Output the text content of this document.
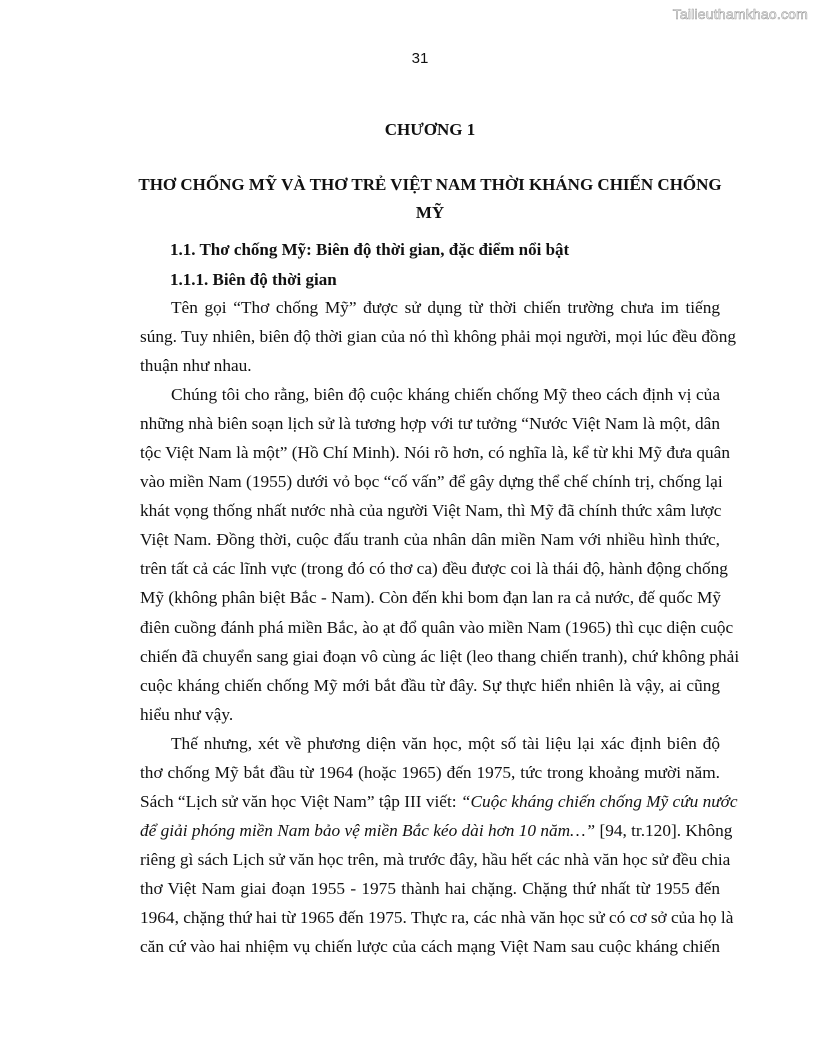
Tailieuthamkhao.com
31
CHƯƠNG 1
THƠ CHỐNG MỸ VÀ THƠ TRẺ VIỆT NAM THỜI KHÁNG CHIẾN CHỐNG
MỸ
1.1. Thơ chống Mỹ: Biên độ thời gian, đặc điểm nổi bật
1.1.1. Biên độ thời gian
Tên gọi “Thơ chống Mỹ” được sử dụng từ thời chiến trường chưa im tiếng
súng. Tuy nhiên, biên độ thời gian của nó thì không phải mọi người, mọi lúc đều đồng
thuận như nhau.
Chúng tôi cho rằng, biên độ cuộc kháng chiến chống Mỹ theo cách định vị của
những nhà biên soạn lịch sử là tương hợp với tư tưởng “Nước Việt Nam là một, dân
tộc Việt Nam là một” (Hồ Chí Minh). Nói rõ hơn, có nghĩa là, kể từ khi Mỹ đưa quân
vào miền Nam (1955) dưới vỏ bọc “cố vấn” để gây dựng thể chế chính trị, chống lại
khát vọng thống nhất nước nhà của người Việt Nam, thì Mỹ đã chính thức xâm lược
Việt Nam. Đồng thời, cuộc đấu tranh của nhân dân miền Nam với nhiều hình thức,
trên tất cả các lĩnh vực (trong đó có thơ ca) đều được coi là thái độ, hành động chống
Mỹ (không phân biệt Bắc - Nam). Còn đến khi bom đạn lan ra cả nước, đế quốc Mỹ
điên cuồng đánh phá miền Bắc, ào ạt đổ quân vào miền Nam (1965) thì cục diện cuộc
chiến đã chuyển sang giai đoạn vô cùng ác liệt (leo thang chiến tranh), chứ không phải
cuộc kháng chiến chống Mỹ mới bắt đầu từ đây. Sự thực hiển nhiên là vậy, ai cũng
hiểu như vậy.
Thế nhưng, xét về phương diện văn học, một số tài liệu lại xác định biên độ
thơ chống Mỹ bắt đầu từ 1964 (hoặc 1965) đến 1975, tức trong khoảng mười năm.
Sách “Lịch sử văn học Việt Nam” tập III viết: “Cuộc kháng chiến chống Mỹ cứu nước
để giải phóng miền Nam bảo vệ miền Bắc kéo dài hơn 10 năm…” [94, tr.120]. Không
riêng gì sách Lịch sử văn học trên, mà trước đây, hầu hết các nhà văn học sử đều chia
thơ Việt Nam giai đoạn 1955 - 1975 thành hai chặng. Chặng thứ nhất từ 1955 đến
1964, chặng thứ hai từ 1965 đến 1975. Thực ra, các nhà văn học sử có cơ sở của họ là
căn cứ vào hai nhiệm vụ chiến lược của cách mạng Việt Nam sau cuộc kháng chiến
